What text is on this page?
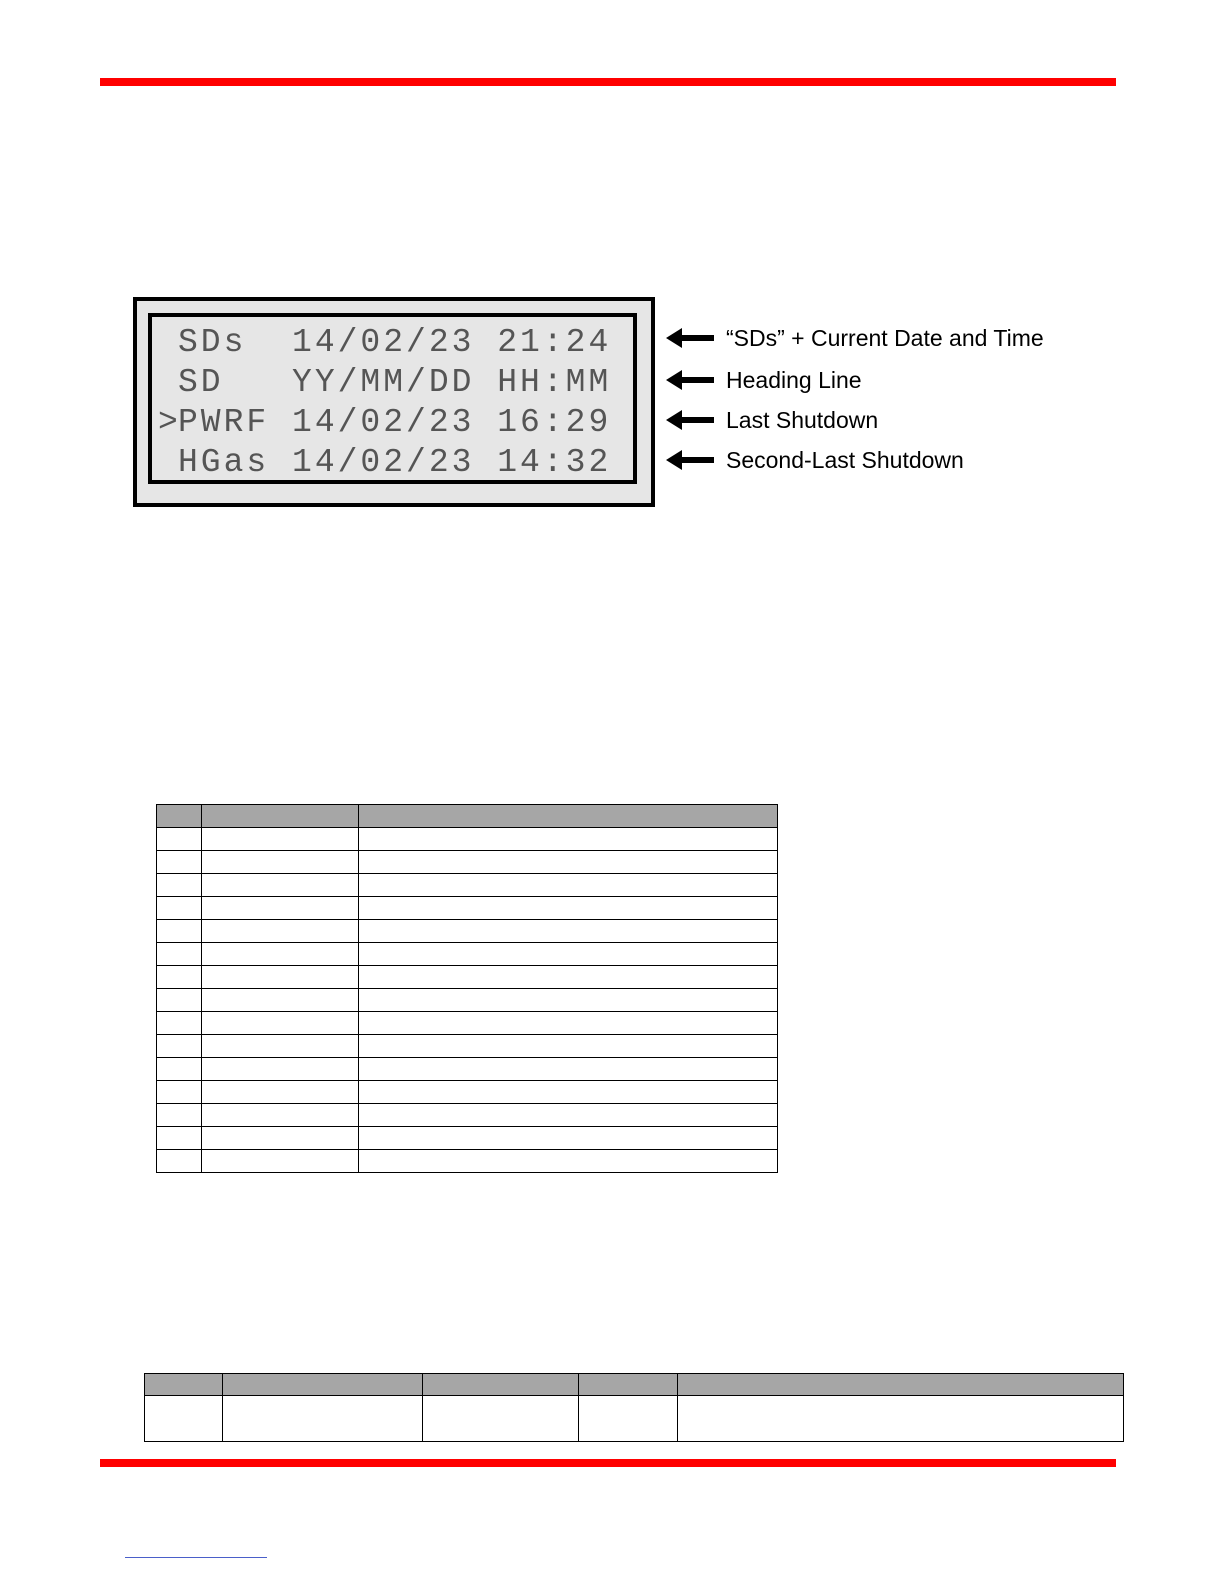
SDs  14/02/23 21:24
SD   YY/MM/DD HH:MM
> PWRF 14/02/23 16:29
HGas 14/02/23 14:32
“SDs” + Current Date and Time
Heading Line
Last Shutdown
Second-Last Shutdown
